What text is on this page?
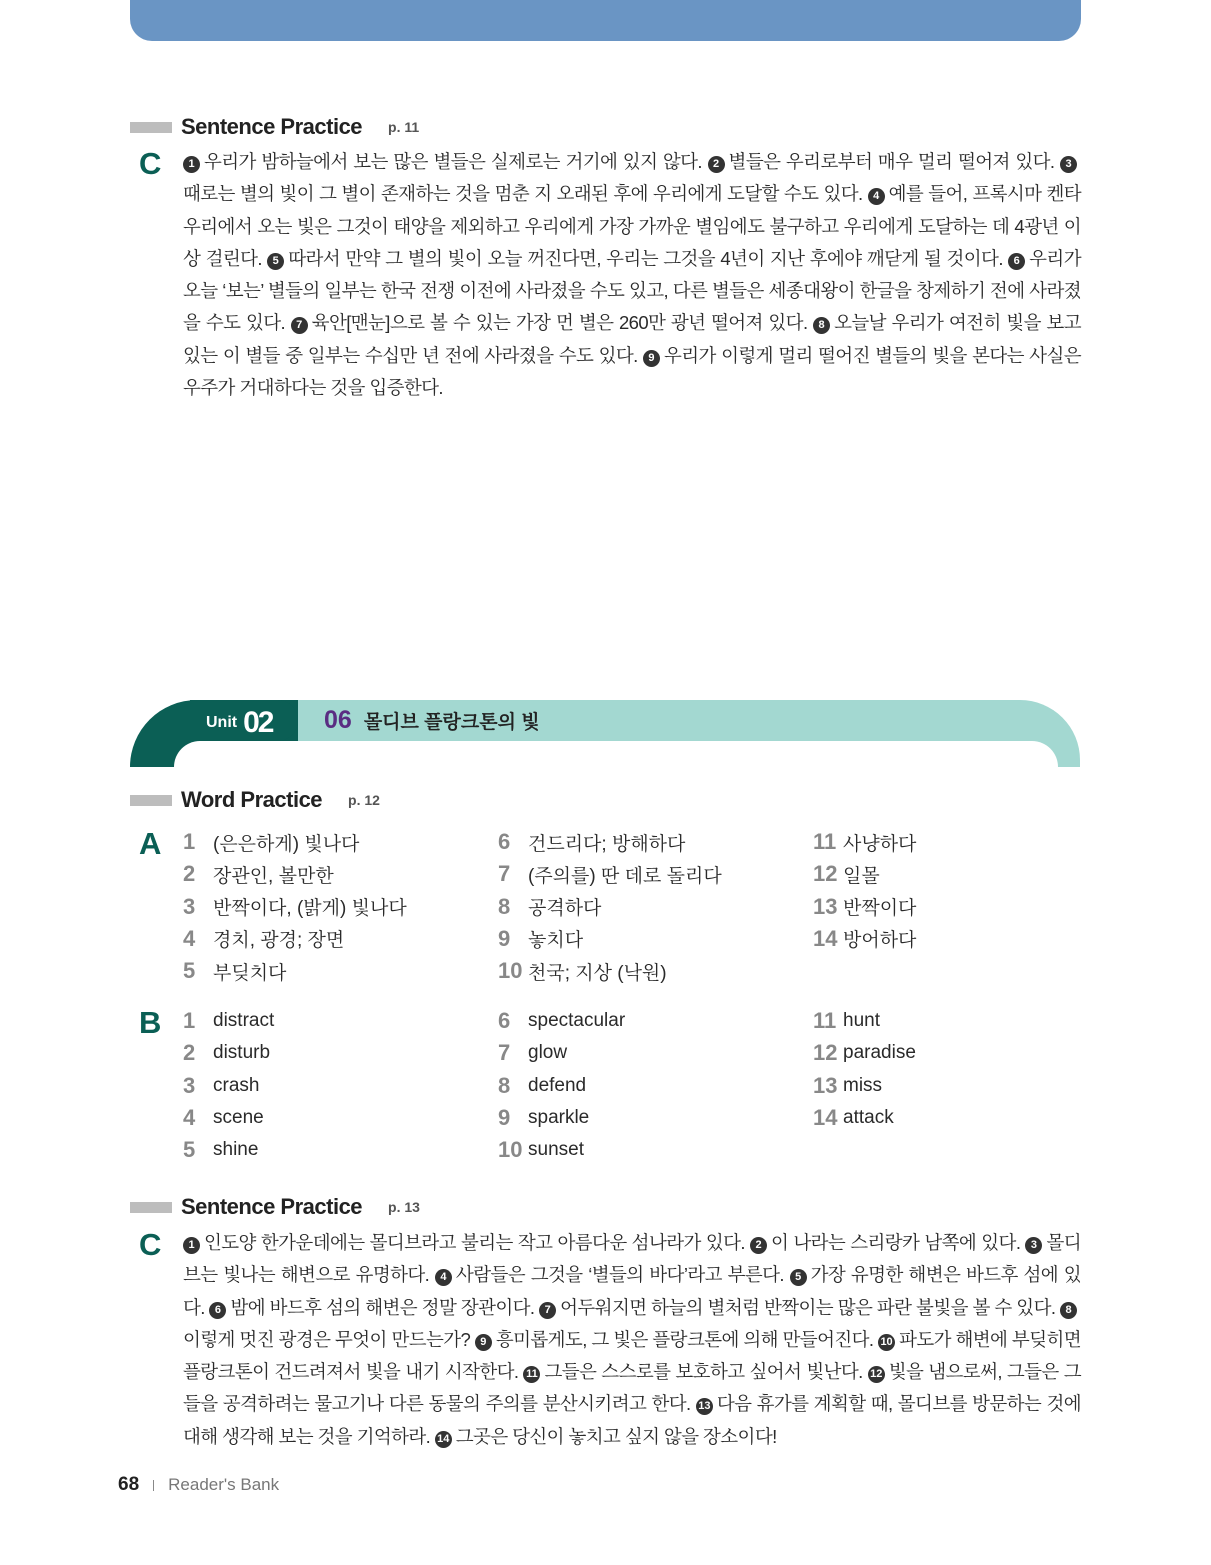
Sentence Practice p. 11
C	1 우리가 밤하늘에서 보는 많은 별들은 실제로는 거기에 있지 않다. 2 별들은 우리로부터 매우 멀리 떨어져 있다. 3때로는 별의 빛이 그 별이 존재하는 것을 멈춘 지 오래된 후에 우리에게 도달할 수도 있다. 4 예를 들어, 프록시마 켄타우리에서 오는 빛은 그것이 태양을 제외하고 우리에게 가장 가까운 별임에도 불구하고 우리에게 도달하는 데 4광년 이상 걸린다. 5 따라서 만약 그 별의 빛이 오늘 꺼진다면, 우리는 그것을 4년이 지난 후에야 깨닫게 될 것이다. 6 우리가 오늘 ‘보는’ 별들의 일부는 한국 전쟁 이전에 사라졌을 수도 있고, 다른 별들은 세종대왕이 한글을 창제하기 전에 사라졌을 수도 있다. 7 육안[맨눈]으로 볼 수 있는 가장 먼 별은 260만 광년 떨어져 있다. 8 오늘날 우리가 여전히 빛을 보고 있는 이 별들 중 일부는 수십만 년 전에 사라졌을 수도 있다. 9 우리가 이렇게 멀리 떨어진 별들의 빛을 본다는 사실은 우주가 거대하다는 것을 입증한다.
Unit 02 06 몰디브 플랑크톤의 빛
Word Practice p. 12
A 1 (은은하게) 빛나다
2 장관인, 볼만한
3 반짝이다, (밝게) 빛나다
4 경치, 광경; 장면
5 부딪치다
6 건드리다; 방해하다
7 (주의를) 딴 데로 돌리다
8 공격하다
9 놓치다
10 천국; 지상 (낙원)
11 사냥하다
12 일몰
13 반짝이다
14 방어하다
B 1 distract
2 disturb
3 crash
4 scene
5 shine
6 spectacular
7 glow
8 defend
9 sparkle
10 sunset
11 hunt
12 paradise
13 miss
14 attack
Sentence Practice p. 13
C	1 인도양 한가운데에는 몰디브라고 불리는 작고 아름다운 섬나라가 있다. 2 이 나라는 스리랑카 남쪽에 있다. 3 몰디브는 빛나는 해변으로 유명하다. 4 사람들은 그것을 ‘별들의 바다’라고 부른다. 5 가장 유명한 해변은 바드후 섬에 있다. 6 밤에 바드후 섬의 해변은 정말 장관이다. 7 어두워지면 하늘의 별처럼 반짝이는 많은 파란 불빛을 볼 수 있다. 8이렇게 멋진 광경은 무엇이 만드는가? 9 흥미롭게도, 그 빛은 플랑크톤에 의해 만들어진다. 10 파도가 해변에 부딪히면 플랑크톤이 건드려져서 빛을 내기 시작한다. 11 그들은 스스로를 보호하고 싶어서 빛난다. 12 빛을 냄으로써, 그들은 그들을 공격하려는 물고기나 다른 동물의 주의를 분산시키려고 한다. 13 다음 휴가를 계획할 때, 몰디브를 방문하는 것에 대해 생각해 보는 것을 기억하라. 14 그곳은 당신이 놓치고 싶지 않을 장소이다!
68 Reader's Bank
